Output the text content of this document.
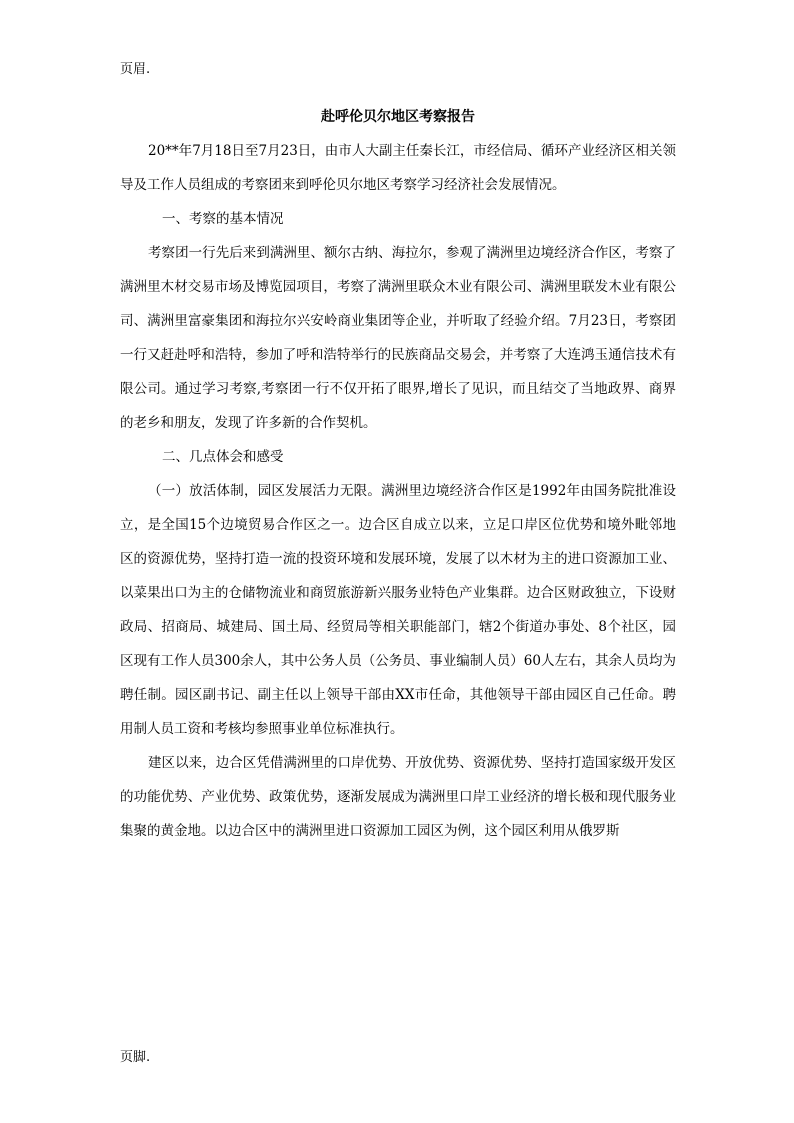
页眉.
赴呼伦贝尔地区考察报告

20**年7月18日至7月23日，由市人大副主任秦长江，市经信局、循环产业经济区相关领导及工作人员组成的考察团来到呼伦贝尔地区考察学习经济社会发展情况。

一、考察的基本情况

考察团一行先后来到满洲里、额尔古纳、海拉尔，参观了满洲里边境经济合作区，考察了满洲里木材交易市场及博览园项目，考察了满洲里联众木业有限公司、满洲里联发木业有限公司、满洲里富豪集团和海拉尔兴安岭商业集团等企业，并听取了经验介绍。7月23日，考察团一行又赶赴呼和浩特，参加了呼和浩特举行的民族商品交易会，并考察了大连鸿玉通信技术有限公司。通过学习考察,考察团一行不仅开拓了眼界,增长了见识，而且结交了当地政界、商界的老乡和朋友，发现了许多新的合作契机。

二、几点体会和感受

（一）放活体制，园区发展活力无限。满洲里边境经济合作区是1992年由国务院批准设立，是全国15个边境贸易合作区之一。边合区自成立以来，立足口岸区位优势和境外毗邻地区的资源优势，坚持打造一流的投资环境和发展环境，发展了以木材为主的进口资源加工业、以菜果出口为主的仓储物流业和商贸旅游新兴服务业特色产业集群。边合区财政独立，下设财政局、招商局、城建局、国土局、经贸局等相关职能部门，辖2个街道办事处、8个社区，园区现有工作人员300余人，其中公务人员（公务员、事业编制人员）60人左右，其余人员均为聘任制。园区副书记、副主任以上领导干部由XX市任命，其他领导干部由园区自己任命。聘用制人员工资和考核均参照事业单位标准执行。

建区以来，边合区凭借满洲里的口岸优势、开放优势、资源优势、坚持打造国家级开发区的功能优势、产业优势、政策优势，逐渐发展成为满洲里口岸工业经济的增长极和现代服务业集聚的黄金地。以边合区中的满洲里进口资源加工园区为例，这个园区利用从俄罗斯

页脚.
